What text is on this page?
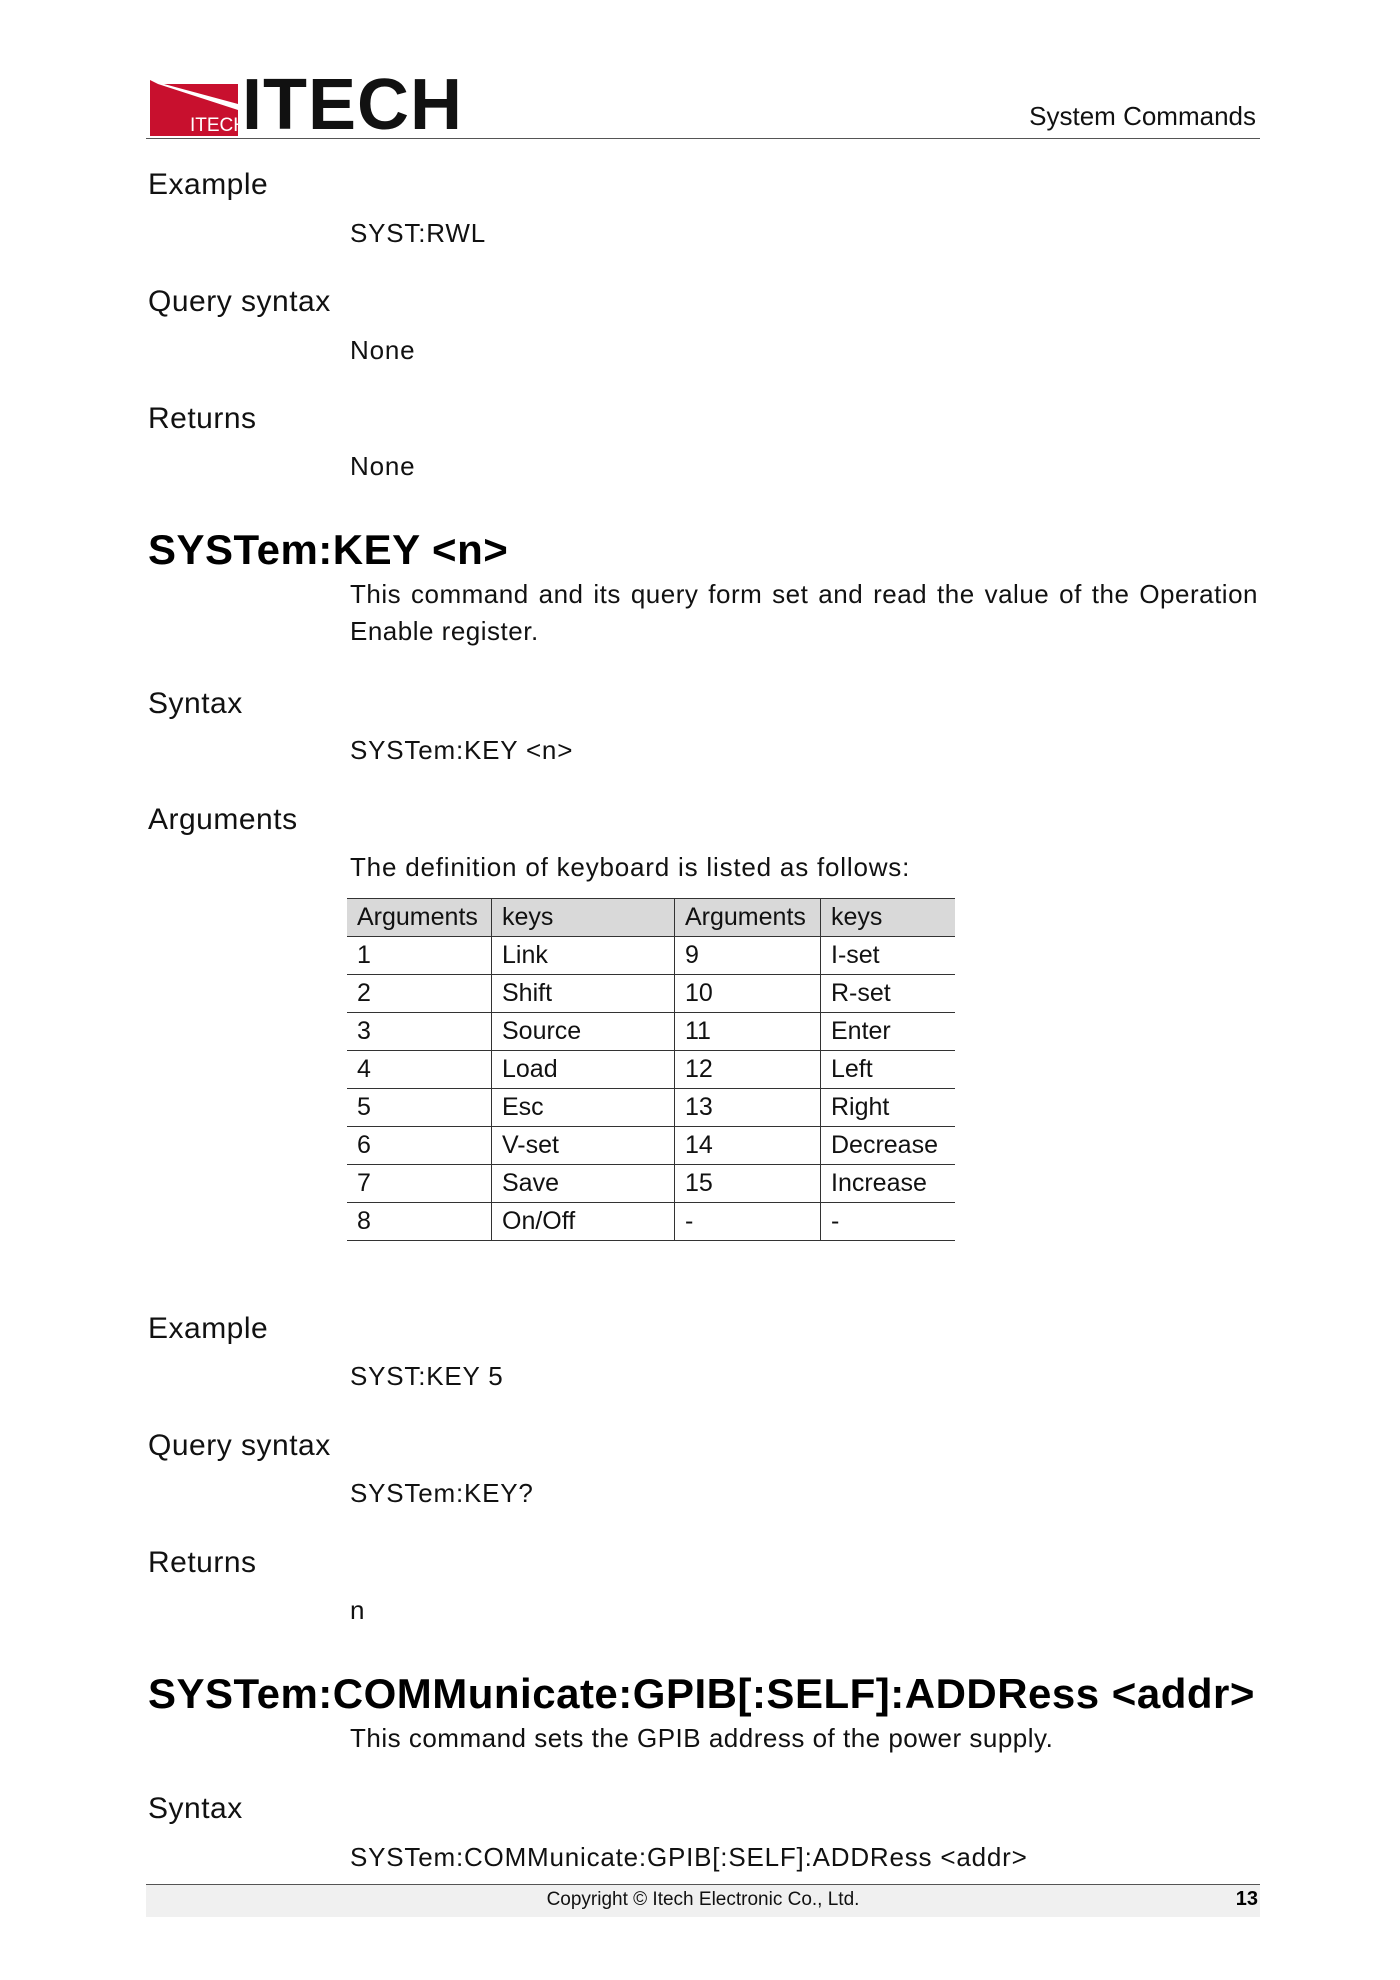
ITECH
ITECH	System Commands
Example
SYST:RWL
Query syntax
None
Returns
None
SYSTem:KEY <n>
This command and its query form set and read the value of the Operation Enable register.
Syntax
SYSTem:KEY <n>
Arguments
The definition of keyboard is listed as follows:
Arguments	keys	Arguments	keys
1	Link	9	I-set
2	Shift	10	R-set
3	Source	11	Enter
4	Load	12	Left
5	Esc	13	Right
6	V-set	14	Decrease
7	Save	15	Increase
8	On/Off	-	-
Example
SYST:KEY 5
Query syntax
SYSTem:KEY?
Returns
n
SYSTem:COMMunicate:GPIB[:SELF]:ADDRess <addr>
This command sets the GPIB address of the power supply.
Syntax
SYSTem:COMMunicate:GPIB[:SELF]:ADDRess <addr>
Copyright © Itech Electronic Co., Ltd.	13
